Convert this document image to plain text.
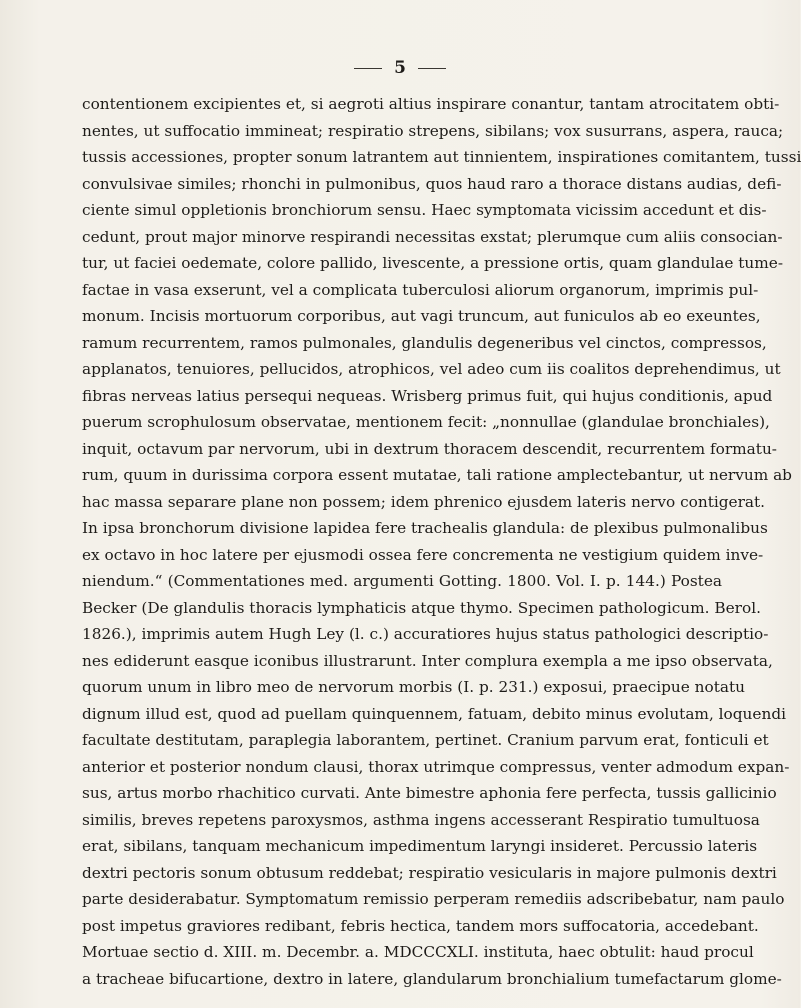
5
contentionem excipientes et, si aegroti altius inspirare conantur, tantam atrocitatem obti-
nentes, ut suffocatio immineat; respiratio strepens, sibilans; vox susurrans, aspera, rauca;
tussis accessiones, propter sonum latrantem aut tinnientem, inspirationes comitantem, tussi
convulsivae similes; rhonchi in pulmonibus, quos haud raro a thorace distans audias, defi-
ciente simul oppletionis bronchiorum sensu. Haec symptomata vicissim accedunt et dis-
cedunt, prout major minorve respirandi necessitas exstat; plerumque cum aliis consocian-
tur, ut faciei oedemate, colore pallido, livescente, a pressione ortis, quam glandulae tume-
factae in vasa exserunt, vel a complicata tuberculosi aliorum organorum, imprimis pul-
monum. Incisis mortuorum corporibus, aut vagi truncum, aut funiculos ab eo exeuntes,
ramum recurrentem, ramos pulmonales, glandulis degeneribus vel cinctos, compressos,
applanatos, tenuiores, pellucidos, atrophicos, vel adeo cum iis coalitos deprehendimus, ut
fibras nerveas latius persequi nequeas. Wrisberg primus fuit, qui hujus conditionis, apud
puerum scrophulosum observatae, mentionem fecit: „nonnullae (glandulae bronchiales),
inquit, octavum par nervorum, ubi in dextrum thoracem descendit, recurrentem formatu-
rum, quum in durissima corpora essent mutatae, tali ratione amplectebantur, ut nervum ab
hac massa separare plane non possem; idem phrenico ejusdem lateris nervo contigerat.
In ipsa bronchorum divisione lapidea fere trachealis glandula: de plexibus pulmonalibus
ex octavo in hoc latere per ejusmodi ossea fere concrementa ne vestigium quidem inve-
niendum.“ (Commentationes med. argumenti Gotting. 1800. Vol. I. p. 144.) Postea
Becker (De glandulis thoracis lymphaticis atque thymo. Specimen pathologicum. Berol.
1826.), imprimis autem Hugh Ley (l. c.) accuratiores hujus status pathologici descriptio-
nes ediderunt easque iconibus illustrarunt. Inter complura exempla a me ipso observata,
quorum unum in libro meo de nervorum morbis (I. p. 231.) exposui, praecipue notatu
dignum illud est, quod ad puellam quinquennem, fatuam, debito minus evolutam, loquendi
facultate destitutam, paraplegia laborantem, pertinet. Cranium parvum erat, fonticuli et
anterior et posterior nondum clausi, thorax utrimque compressus, venter admodum expan-
sus, artus morbo rhachitico curvati. Ante bimestre aphonia fere perfecta, tussis gallicinio
similis, breves repetens paroxysmos, asthma ingens accesserant Respiratio tumultuosa
erat, sibilans, tanquam mechanicum impedimentum laryngi insideret. Percussio lateris
dextri pectoris sonum obtusum reddebat; respiratio vesicularis in majore pulmonis dextri
parte desiderabatur. Symptomatum remissio perperam remediis adscribebatur, nam paulo
post impetus graviores redibant, febris hectica, tandem mors suffocatoria, accedebant.
Mortuae sectio d. XIII. m. Decembr. a. MDCCCXLI. instituta, haec obtulit: haud procul
a tracheae bifucartione, dextro in latere, glandularum bronchialium tumefactarum glome-
